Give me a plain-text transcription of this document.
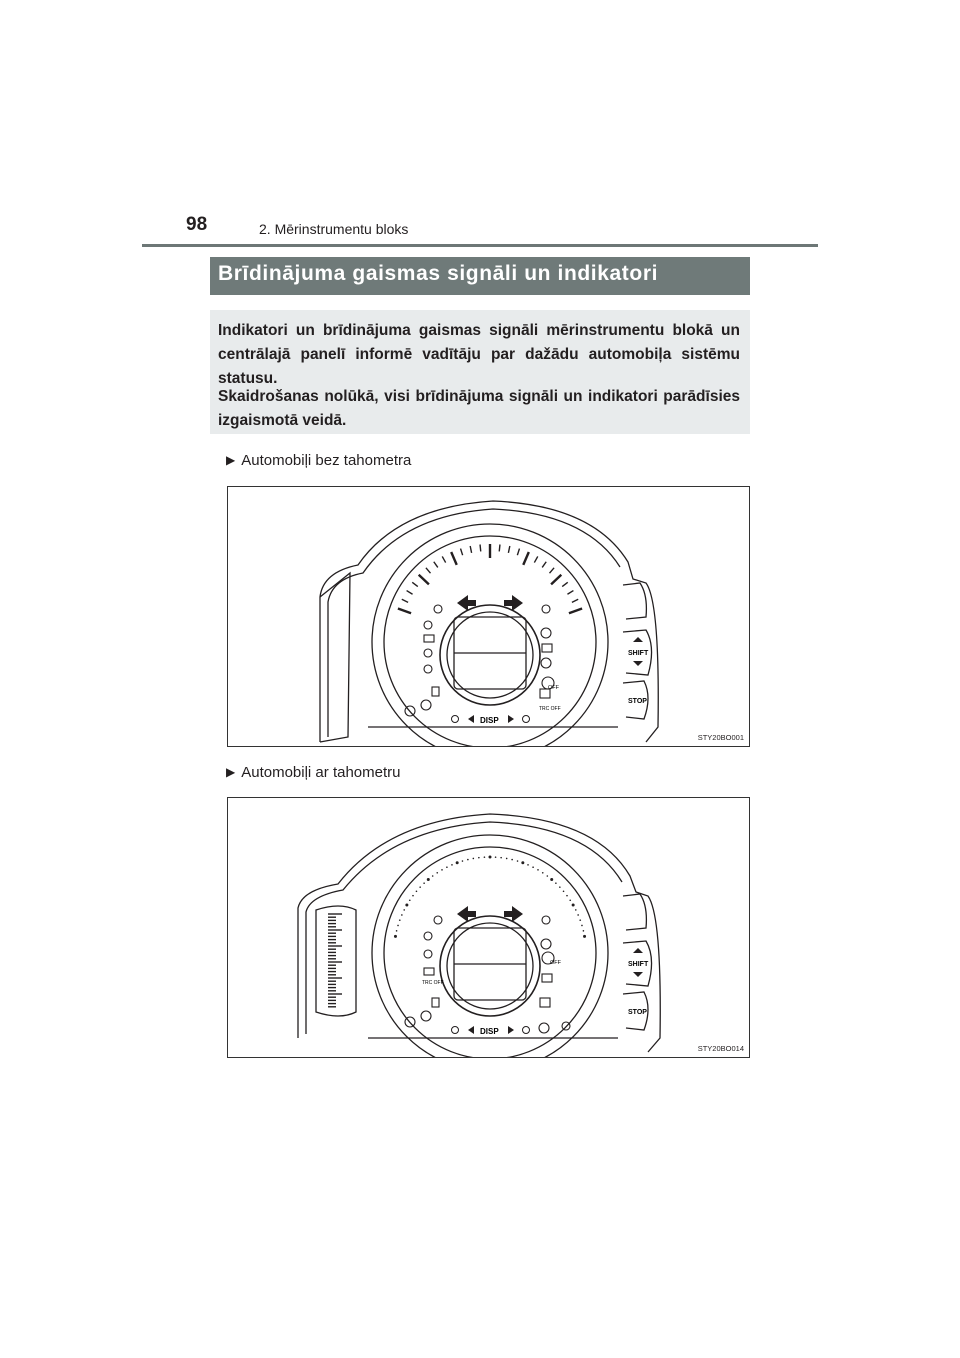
98	2. Mērinstrumentu bloks
Brīdinājuma gaismas signāli un indikatori

Indikatori un brīdinājuma gaismas signāli mērinstrumentu blokā un centrālajā panelī informē vadītāju par dažādu automobiļa sistēmu statusu.

Skaidrošanas nolūkā, visi brīdinājuma signāli un indikatori parādīsies izgaismotā veidā.

▶ Automobiļi bez tahometra
OFF
TRC OFF
DISP
SHIFT
STOP
STY20BO001
▶ Automobiļi ar tahometru
OFF
TRC OFF
DISP
SHIFT
STOP
STY20BO014
